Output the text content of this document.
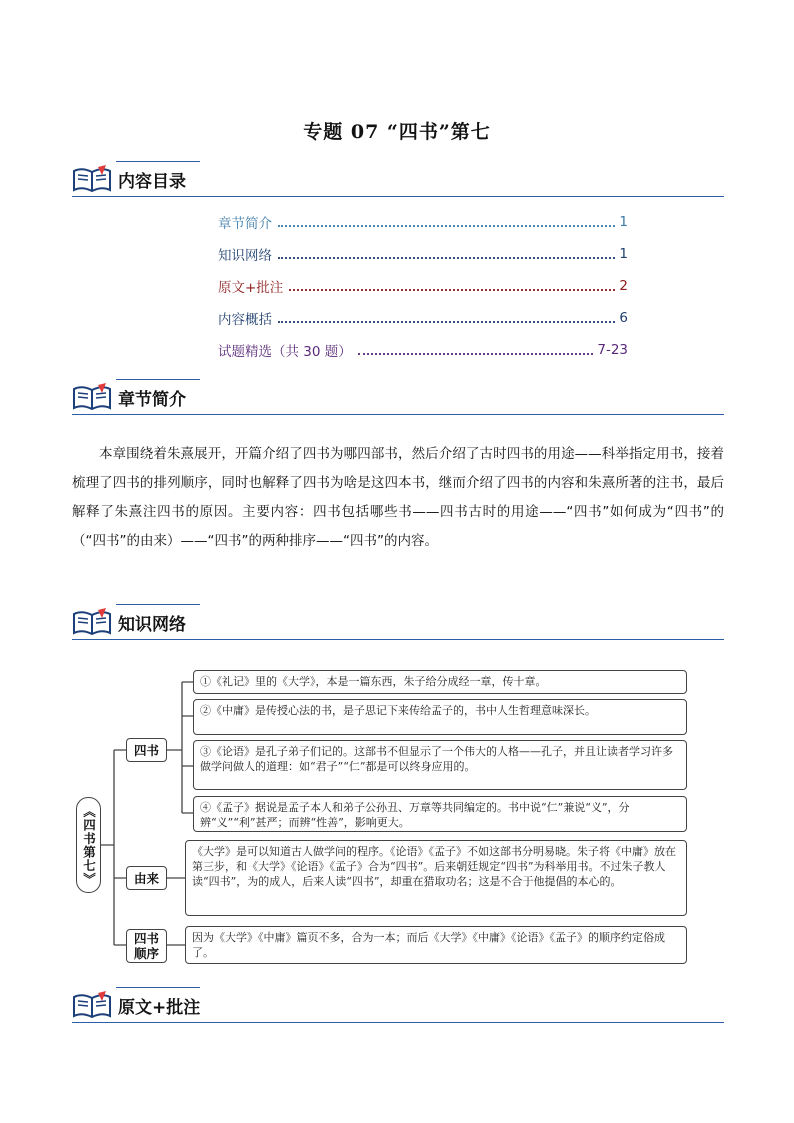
专题 07 “四书”第七
内容目录
章节简介	1
知识网络	1
原文+批注	2
内容概括	6
试题精选（共 30 题）	7-23
章节简介
本章围绕着朱熹展开，开篇介绍了四书为哪四部书，然后介绍了古时四书的用途——科举指定用书，接着梳理了四书的排列顺序，同时也解释了四书为啥是这四本书，继而介绍了四书的内容和朱熹所著的注书，最后解释了朱熹注四书的原因。主要内容：四书包括哪些书——四书古时的用途——“四书”如何成为“四书”的（“四书”的由来）——“四书”的两种排序——“四书”的内容。
知识网络
《四书第七》
四书
由来
四书顺序
①《礼记》里的《大学》，本是一篇东西，朱子给分成经一章，传十章。
②《中庸》是传授心法的书，是子思记下来传给孟子的，书中人生哲理意味深长。
③《论语》是孔子弟子们记的。这部书不但显示了一个伟大的人格——孔子，并且让读者学习许多做学问做人的道理：如“君子”“仁”都是可以终身应用的。
④《孟子》据说是孟子本人和弟子公孙丑、万章等共同编定的。书中说“仁”兼说“义”，分辨“义”“利”甚严；而辨“性善”，影响更大。
《大学》是可以知道古人做学问的程序。《论语》《孟子》不如这部书分明易晓。朱子将《中庸》放在第三步，和《大学》《论语》《孟子》合为“四书”。后来朝廷规定“四书”为科举用书。不过朱子教人读“四书”，为的成人，后来人读“四书”，却重在猎取功名；这是不合于他提倡的本心的。
因为《大学》《中庸》篇页不多，合为一本；而后《大学》《中庸》《论语》《孟子》的顺序约定俗成了。
原文+批注
